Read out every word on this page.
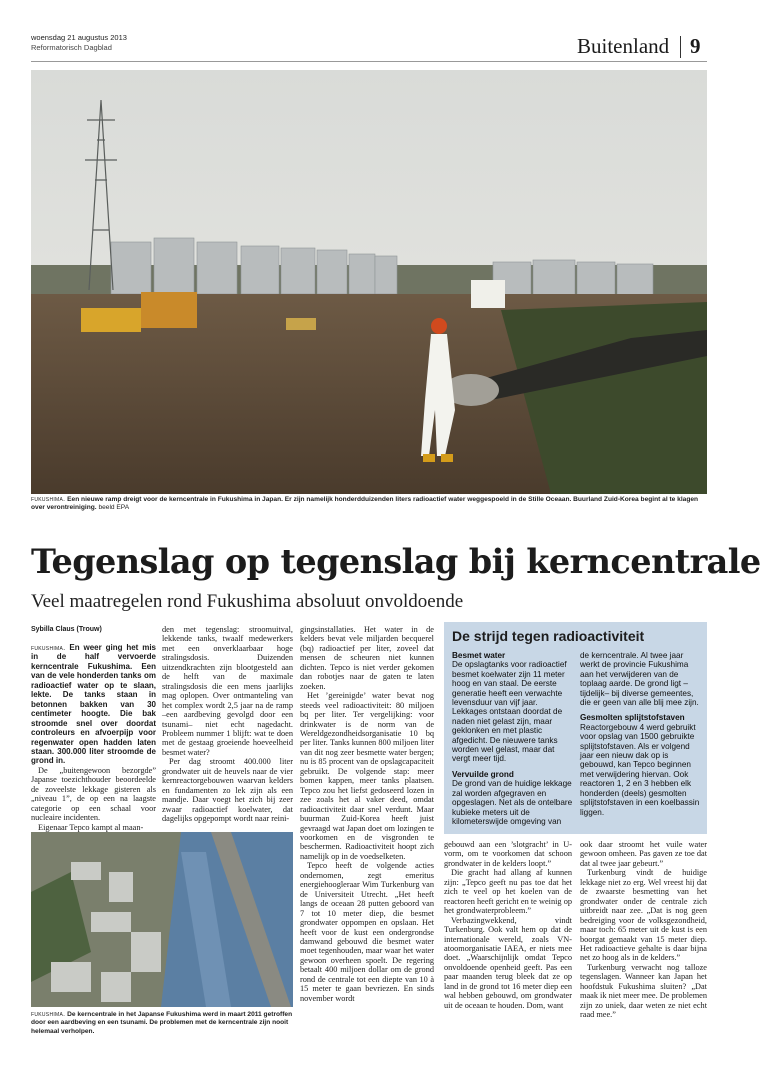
woensdag 21 augustus 2013
Reformatorisch Dagblad	Buitenland 9
fukushima. Een nieuwe ramp dreigt voor de kerncentrale in Fukushima in Japan. Er zijn namelijk honderdduizenden liters radioactief water weggespoeld in de Stille Oceaan. Buurland Zuid-Korea begint al te klagen over verontreiniging. beeld EPA
Tegenslag op tegenslag bij kerncentrale
Veel maatregelen rond Fukushima absoluut onvoldoende
Sybilla Claus (Trouw)

fukushima. En weer ging het mis in de half vervoerde kerncentrale Fukushima. Een van de vele honderden tanks om radioactief water op te slaan, lekte. De tanks staan in betonnen bakken van 30 centimeter hoogte. Die bak stroomde snel over doordat controleurs en afvoerpijp voor regenwater open hadden laten staan. 300.000 liter stroomde de grond in.

De „buitengewoon bezorgde” Japanse toezichthouder beoordeelde de zoveelste lekkage gisteren als „niveau 1”, de op een na laagste categorie op een schaal voor nucleaire incidenten.

Eigenaar Tepco kampt al maan-

den met tegenslag: stroomuitval, lekkende tanks, twaalf medewerkers met een onverklaarbaar hoge stralingsdosis. Duizenden uitzendkrachten zijn blootgesteld aan de helft van de maximale stralingsdosis die een mens jaarlijks mag oplopen. Over ontmanteling van het complex wordt 2,5 jaar na de ramp –een aardbeving gevolgd door een tsunami– niet echt nagedacht. Probleem nummer 1 blijft: wat te doen met de gestaag groeiende hoeveelheid besmet water?

Per dag stroomt 400.000 liter grondwater uit de heuvels naar de vier kernreactorgebouwen waarvan kelders en fundamenten zo lek zijn als een mandje. Daar voegt het zich bij zeer zwaar radioactief koelwater, dat dagelijks opgepompt wordt naar reini-

gingsinstallaties. Het water in de kelders bevat vele miljarden becquerel (bq) radioactief per liter, zoveel dat mensen de scheuren niet kunnen dichten. Tepco is niet verder gekomen dan robotjes naar de gaten te laten zoeken.

Het ’gereinigde’ water bevat nog steeds veel radioactiviteit: 80 miljoen bq per liter. Ter vergelijking: voor drinkwater is de norm van de Wereldgezondheidsorganisatie 10 bq per liter. Tanks kunnen 800 miljoen liter van dit nog zeer besmette water bergen; nu is 85 procent van de opslagcapaciteit gebruikt. De volgende stap: meer bomen kappen, meer tanks plaatsen. Tepco zou het liefst gedoseerd lozen in zee zoals het al vaker deed, omdat radioactiviteit daar snel verdunt. Maar buurman Zuid-Korea heeft juist gevraagd wat Japan doet om lozingen te voorkomen en de visgronden te beschermen. Radioactiviteit hoopt zich namelijk op in de voedselketen.

Tepco heeft de volgende acties ondernomen, zegt emeritus energiehoogleraar Wim Turkenburg van de Universiteit Utrecht. „Het heeft langs de oceaan 28 putten geboord van 7 tot 10 meter diep, die besmet grondwater oppompen en opslaan. Het heeft voor de kust een ondergrondse damwand gebouwd die besmet water moet tegenhouden, maar waar het water gewoon overheen spoelt. De regering betaalt 400 miljoen dollar om de grond rond de centrale tot een diepte van 10 à 15 meter te gaan bevriezen. En sinds november wordt

fukushima. De kerncentrale in het Japanse Fukushima werd in maart 2011 getroffen door een aardbeving en een tsunami. De problemen met de kerncentrale zijn nooit helemaal verholpen.
De strijd tegen radioactiviteit

Besmet water

De opslagtanks voor radioactief besmet koelwater zijn 11 meter hoog en van staal. De eerste generatie heeft een verwachte levensduur van vijf jaar. Lekkages ontstaan doordat de naden niet gelast zijn, maar geklonken en met plastic afgedicht. De nieuwere tanks worden wel gelast, maar dat vergt meer tijd.

Vervuilde grond

De grond van de huidige lekkage zal worden afgegraven en opgeslagen. Net als de ontelbare kubieke meters uit de kilometerswijde omgeving van

de kerncentrale. Al twee jaar werkt de provincie Fukushima aan het verwijderen van de toplaag aarde. De grond ligt –tijdelijk– bij diverse gemeentes, die er geen van alle blij mee zijn.

Gesmolten splijtstofstaven

Reactorgebouw 4 werd gebruikt voor opslag van 1500 gebruikte splijtstofstaven. Als er volgend jaar een nieuw dak op is gebouwd, kan Tepco beginnen met verwijdering hiervan. Ook reactoren 1, 2 en 3 hebben elk honderden (deels) gesmolten splijtstofstaven in een koelbassin liggen.

gebouwd aan een ’slotgracht’ in U-vorm, om te voorkomen dat schoon grondwater in de kelders loopt.”

Die gracht had allang af kunnen zijn: „Tepco geeft nu pas toe dat het zich te veel op het koelen van de reactoren heeft gericht en te weinig op het grondwaterprobleem.”

Verbazingwekkend, vindt Turkenburg. Ook valt hem op dat de internationale wereld, zoals VN-atoomorganisatie IAEA, er niets mee doet. „Waarschijnlijk omdat Tepco onvoldoende openheid geeft. Pas een paar maanden terug bleek dat ze op land in de grond tot 16 meter diep een wal hebben gebouwd, om grondwater uit de oceaan te houden. Dom, want

ook daar stroomt het vuile water gewoon omheen. Pas gaven ze toe dat dat al twee jaar gebeurt.”

Turkenburg vindt de huidige lekkage niet zo erg. Wel vreest hij dat de zwaarste besmetting van het grondwater onder de centrale zich uitbreidt naar zee. „Dat is nog geen bedreiging voor de volksgezondheid, maar toch: 65 meter uit de kust is een boorgat gemaakt van 15 meter diep. Het radioactieve gehalte is daar bijna net zo hoog als in de kelders.”

Turkenburg verwacht nog talloze tegenslagen. Wanneer kan Japan het hoofdstuk Fukushima sluiten? „Dat maak ik niet meer mee. De problemen zijn zo uniek, daar weten ze niet echt raad mee.”
